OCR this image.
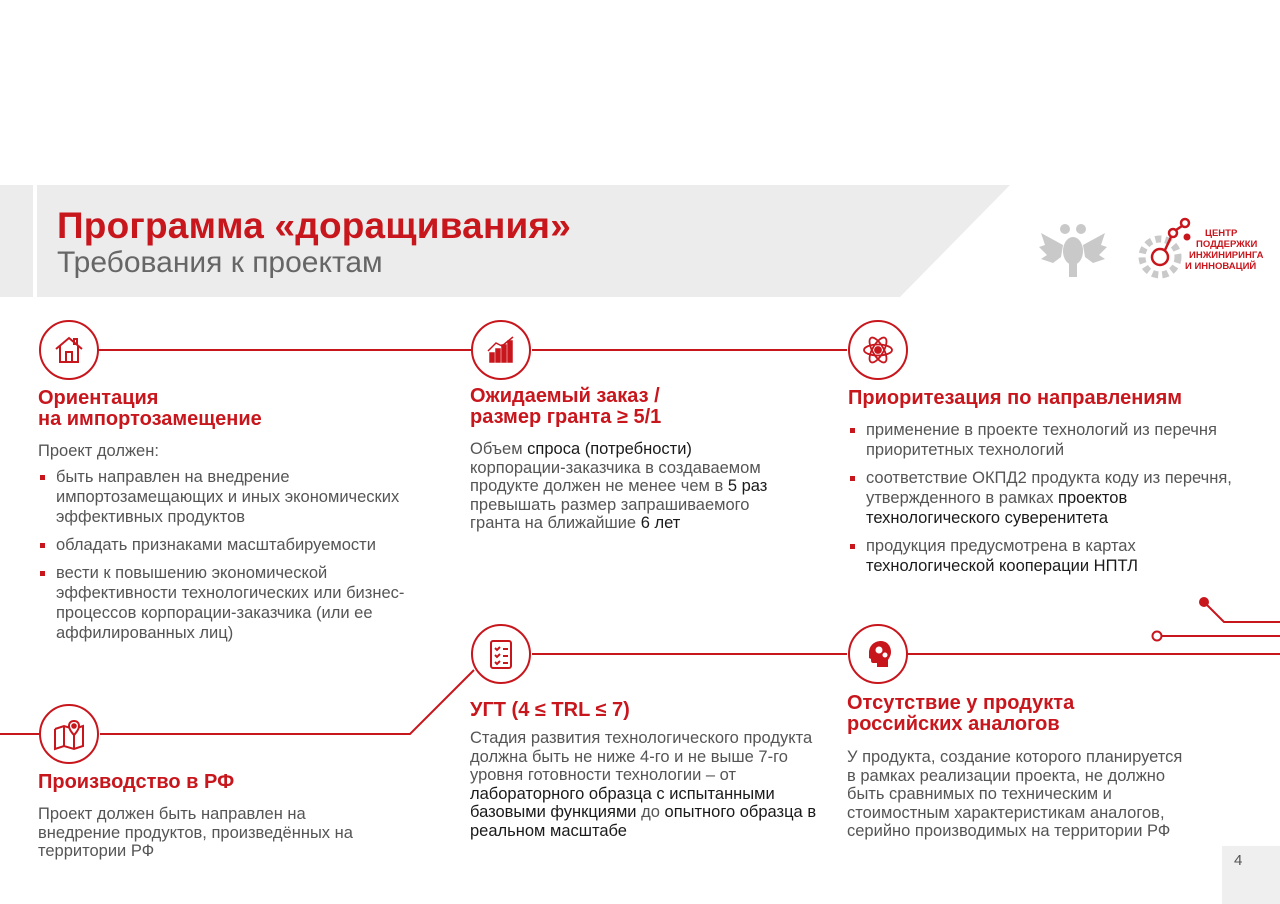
Программа «доращивания»
Требования к проектам
ЦЕНТР
ПОДДЕРЖКИ
ИНЖИНИРИНГА
И ИННОВАЦИЙ
Ориентация
на импортозамещение
Проект должен:
быть направлен на внедрение импортозамещающих и иных экономических эффективных продуктов
обладать признаками масштабируемости
вести к повышению экономической эффективности технологических или бизнес-процессов корпорации-заказчика (или ее аффилированных лиц)
Ожидаемый заказ /
размер гранта ≥ 5/1
Объем спроса (потребности) корпорации-заказчика в создаваемом продукте должен не менее чем в 5 раз превышать размер запрашиваемого гранта на ближайшие 6 лет
Приоритезация по направлениям
применение в проекте технологий из перечня приоритетных технологий
соответствие ОКПД2 продукта коду из перечня, утвержденного в рамках проектов технологического суверенитета
продукция предусмотрена в картах технологической кооперации НПТЛ
Производство в РФ
Проект должен быть направлен на внедрение продуктов, произведённых на территории РФ
УГТ (4 ≤ TRL ≤ 7)
Стадия развития технологического продукта должна быть не ниже 4-го и не выше 7-го уровня готовности технологии – от лабораторного образца с испытанными базовыми функциями до опытного образца в реальном масштабе
Отсутствие у продукта
российских аналогов
У продукта, создание которого планируется в рамках реализации проекта, не должно быть сравнимых по техническим и стоимостным характеристикам аналогов, серийно производимых на территории РФ
4
